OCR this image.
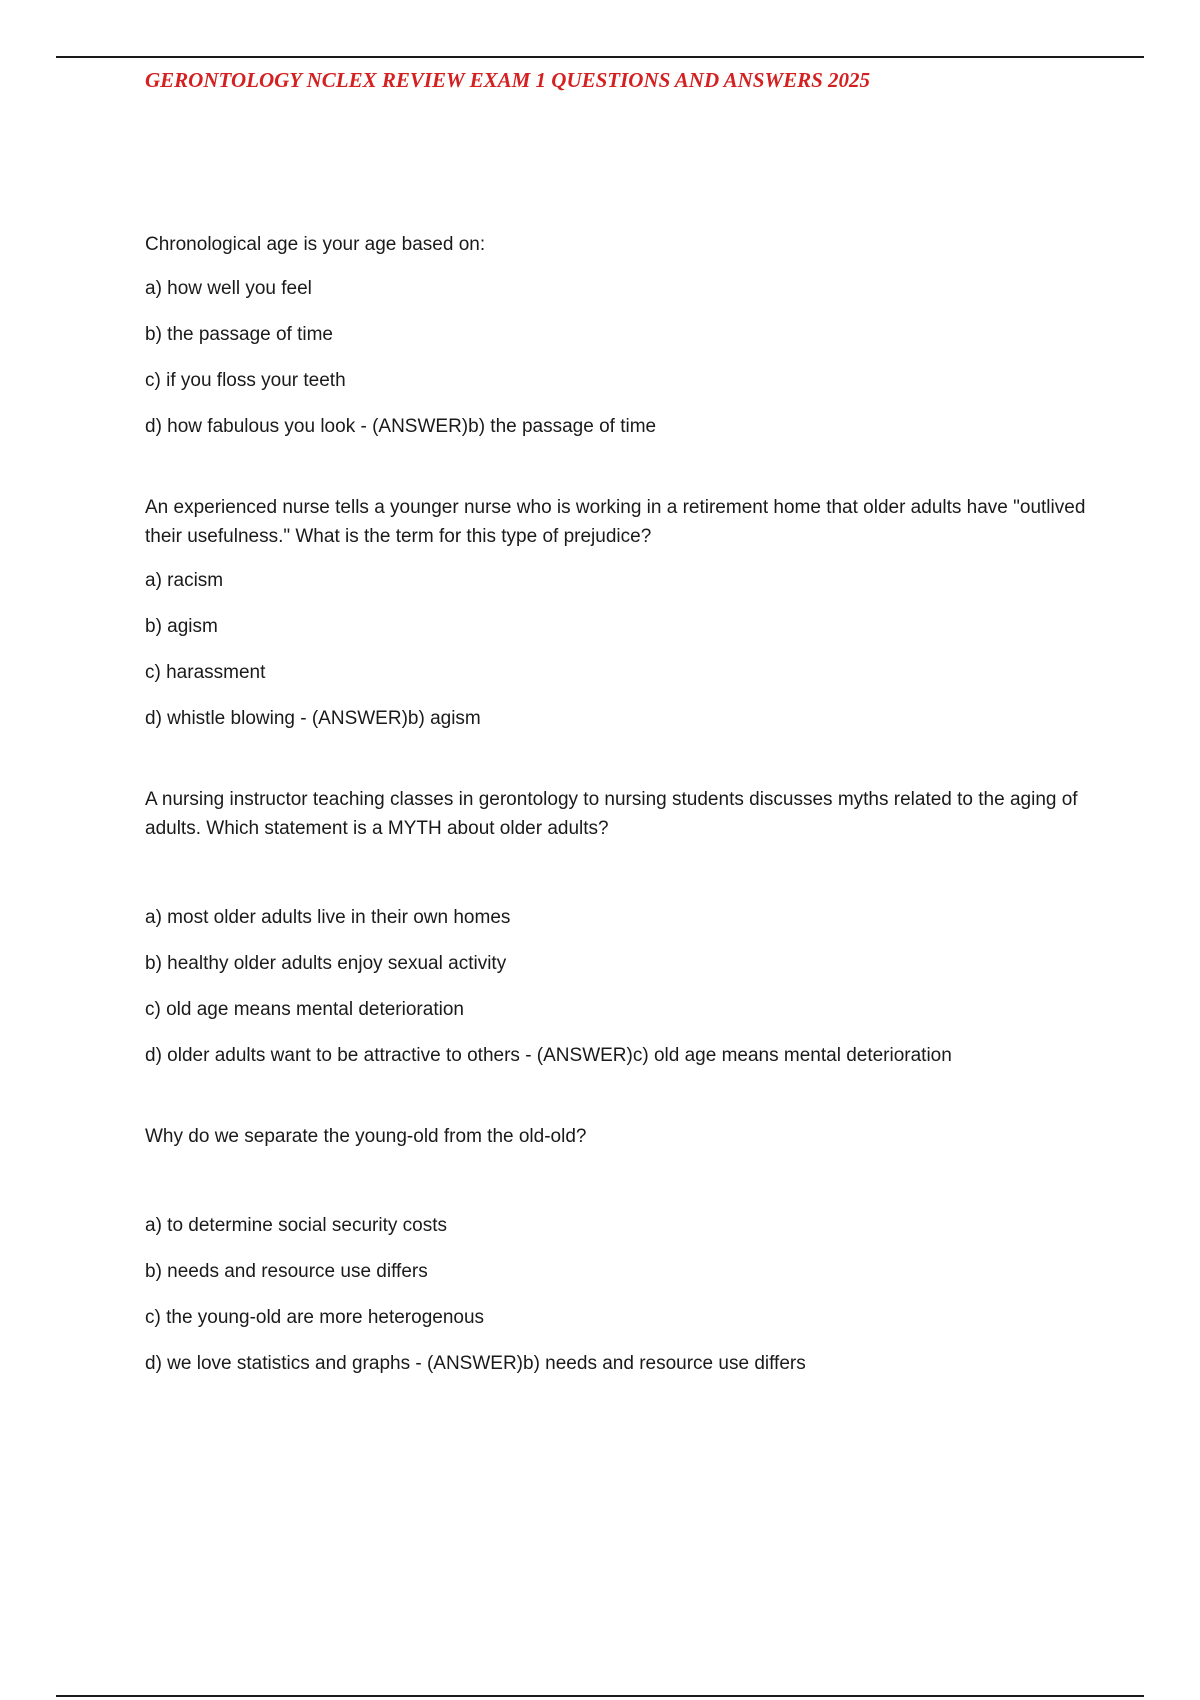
GERONTOLOGY NCLEX REVIEW EXAM 1 QUESTIONS AND ANSWERS 2025

Chronological age is your age based on:

a) how well you feel

b) the passage of time

c) if you floss your teeth

d) how fabulous you look - (ANSWER)b) the passage of time

An experienced nurse tells a younger nurse who is working in a retirement home that older adults have "outlived their usefulness." What is the term for this type of prejudice?

a) racism

b) agism

c) harassment

d) whistle blowing - (ANSWER)b) agism

A nursing instructor teaching classes in gerontology to nursing students discusses myths related to the aging of adults. Which statement is a MYTH about older adults?

a) most older adults live in their own homes

b) healthy older adults enjoy sexual activity

c) old age means mental deterioration

d) older adults want to be attractive to others - (ANSWER)c) old age means mental deterioration

Why do we separate the young-old from the old-old?

a) to determine social security costs

b) needs and resource use differs

c) the young-old are more heterogenous

d) we love statistics and graphs - (ANSWER)b) needs and resource use differs
